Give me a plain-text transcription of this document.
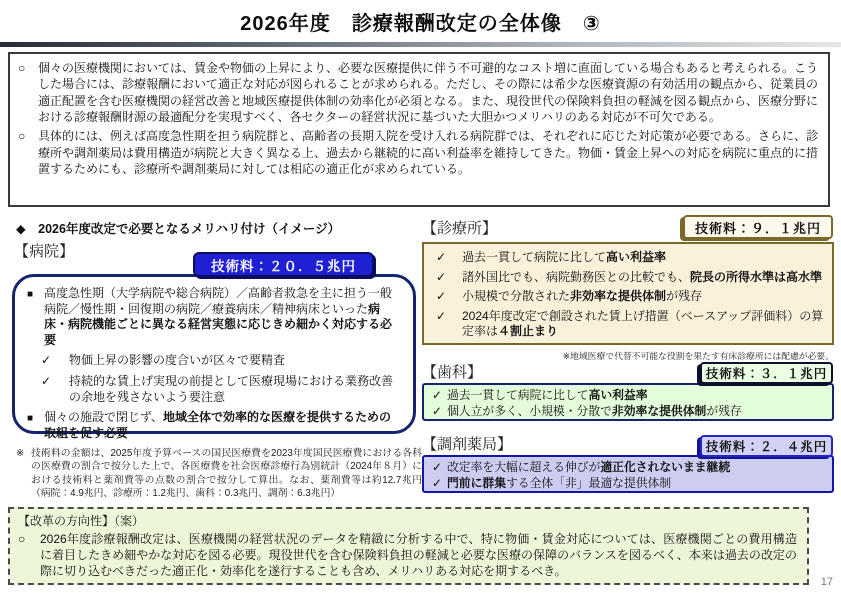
2026年度　診療報酬改定の全体像　③
○	個々の医療機関においては、賃金や物価の上昇により、必要な医療提供に伴う不可避的なコスト増に直面している場合もあると考えられる。こうした場合には、診療報酬において適正な対応が図られることが求められる。ただし、その際には希少な医療資源の有効活用の観点から、従業員の適正配置を含む医療機関の経営改善と地域医療提供体制の効率化が必須となる。また、現役世代の保険料負担の軽減を図る観点から、医療分野における診療報酬財源の最適配分を実現すべく、各セクターの経営状況に基づいた大胆かつメリハリのある対応が不可欠である。
○	具体的には、例えば高度急性期を担う病院群と、高齢者の長期入院を受け入れる病院群では、それぞれに応じた対応策が必要である。さらに、診療所や調剤薬局は費用構造が病院と大きく異なる上、過去から継続的に高い利益率を維持してきた。物価・賃金上昇への対応を病院に重点的に措置するためにも、診療所や調剤薬局に対しては相応の適正化が求められている。
◆　2026年度改定で必要となるメリハリ付け（イメージ）
【病院】
技術料：２０．５兆円
■ 高度急性期（大学病院や総合病院）／高齢者救急を主に担う一般病院／慢性期・回復期の病院／療養病床／精神病床といった病床・病院機能ごとに異なる経営実態に応じきめ細かく対応する必要
✓	物価上昇の影響の度合いが区々で要精査
✓	持続的な賃上げ実現の前提として医療現場における業務改善の余地を残さないよう要注意
■ 個々の施設で閉じず、地域全体で効率的な医療を提供するための取組を促す必要
※ 技術料の金額は、2025年度予算ベースの国民医療費を2023年度国民医療費における各科の医療費の割合で按分した上で、各医療費を社会医療診療行為別統計（2024年８月）における技術料と薬剤費等の点数の割合で按分して算出。なお、薬剤費等は約12.7兆円（病院：4.9兆円、診療所：1.2兆円、歯科：0.3兆円、調剤：6.3兆円）
【診療所】	技術料：９．１兆円
✓	過去一貫して病院に比して高い利益率
✓	諸外国比でも、病院勤務医との比較でも、院長の所得水準は高水準
✓	小規模で分散された非効率な提供体制が残存
✓	2024年度改定で創設された賃上げ措置（ベースアップ評価料）の算定率は４割止まり
※地域医療で代替不可能な役割を果たす有床診療所には配慮が必要。
【歯科】	技術料：３．１兆円
✓ 過去一貫して病院に比して高い利益率
✓ 個人立が多く、小規模・分散で非効率な提供体制が残存
【調剤薬局】	技術料：２．４兆円
✓ 改定率を大幅に超える伸びが適正化されないまま継続
✓ 門前に群集する全体「非」最適な提供体制
【改革の方向性】（案）
○	2026年度診療報酬改定は、医療機関の経営状況のデータを精緻に分析する中で、特に物価・賃金対応については、医療機関ごとの費用構造に着目したきめ細やかな対応を図る必要。現役世代を含む保険料負担の軽減と必要な医療の保障のバランスを図るべく、本来は過去の改定の際に切り込むべきだった適正化・効率化を遂行することも含め、メリハリある対応を期するべき。
17
